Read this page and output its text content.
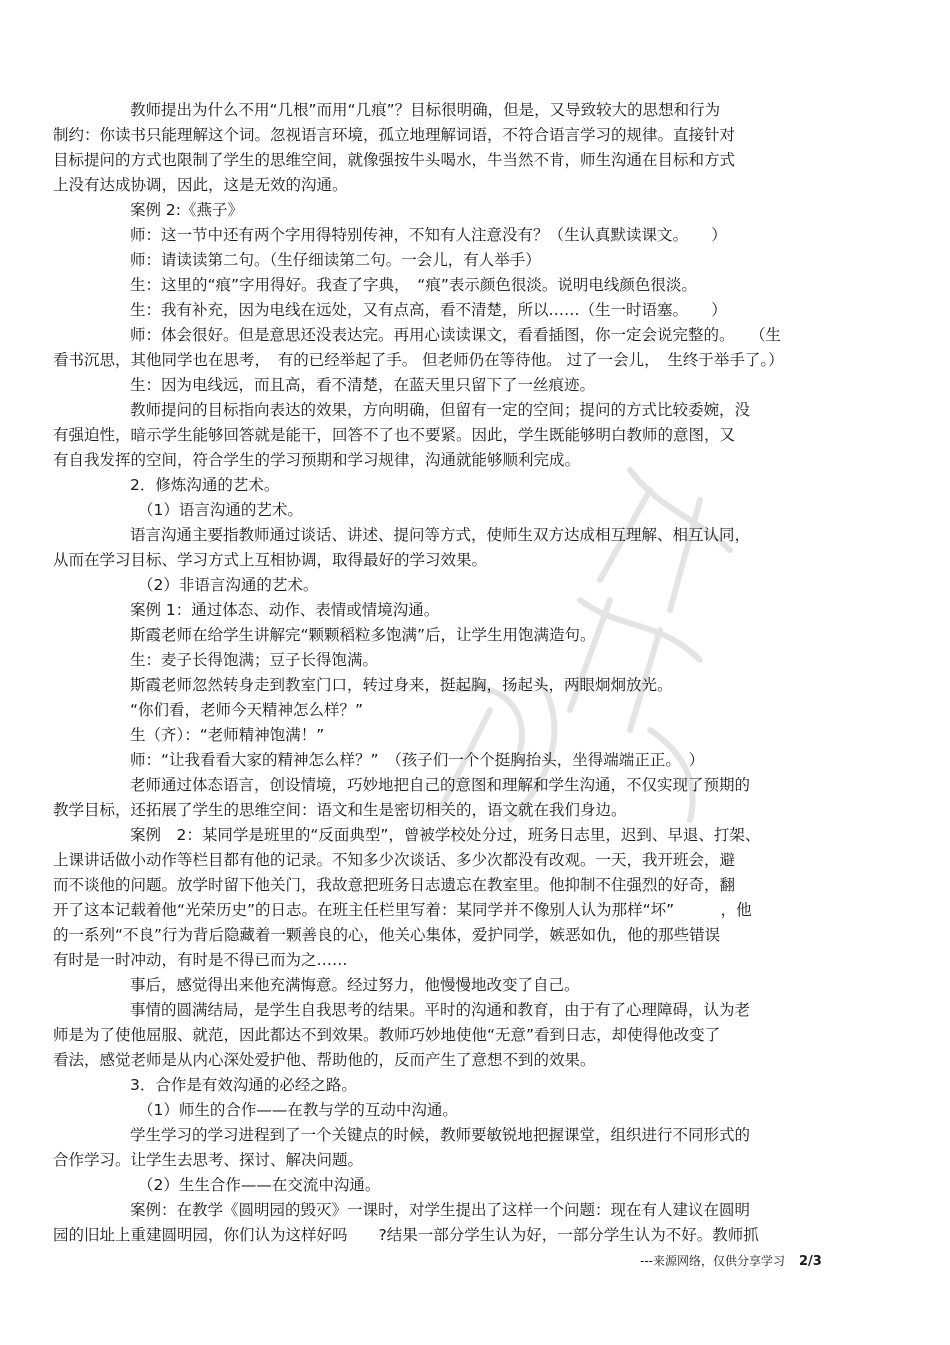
教师提出为什么不用“几根”而用“几痕”？目标很明确，但是，又导致较大的思想和行为
制约：你读书只能理解这个词。忽视语言环境，孤立地理解词语，不符合语言学习的规律。直接针对
目标提问的方式也限制了学生的思维空间，就像强按牛头喝水，牛当然不肯，师生沟通在目标和方式
上没有达成协调，因此，这是无效的沟通。
案例 2:《燕子》
师：这一节中还有两个字用得特别传神，不知有人注意没有？（生认真默读课文。　　）
师：请读读第二句。（生仔细读第二句。一会儿，有人举手）
生：这里的“痕”字用得好。我查了字典，　“痕”表示颜色很淡。说明电线颜色很淡。
生：我有补充，因为电线在远处，又有点高，看不清楚，所以……（生一时语塞。　　）
师：体会很好。但是意思还没表达完。再用心读读课文，看看插图，你一定会说完整的。　　（生
看书沉思，其他同学也在思考，　有的已经举起了手。 但老师仍在等待他。 过了一会儿，　生终于举手了。）
生：因为电线远，而且高，看不清楚，在蓝天里只留下了一丝痕迹。
教师提问的目标指向表达的效果，方向明确，但留有一定的空间；提问的方式比较委婉，没
有强迫性，暗示学生能够回答就是能干，回答不了也不要紧。因此，学生既能够明白教师的意图，又
有自我发挥的空间，符合学生的学习预期和学习规律，沟通就能够顺利完成。
2．修炼沟通的艺术。
（1）语言沟通的艺术。
语言沟通主要指教师通过谈话、讲述、提问等方式，使师生双方达成相互理解、相互认同，
从而在学习目标、学习方式上互相协调，取得最好的学习效果。
（2）非语言沟通的艺术。
案例 1：通过体态、动作、表情或情境沟通。
斯霞老师在给学生讲解完“颗颗稻粒多饱满”后，让学生用饱满造句。
生：麦子长得饱满；豆子长得饱满。
斯霞老师忽然转身走到教室门口，转过身来，挺起胸，扬起头，两眼炯炯放光。
“你们看，老师今天精神怎么样？”
生（齐）：“老师精神饱满！”
师：“让我看看大家的精神怎么样？”　（孩子们一个个挺胸抬头，坐得端端正正。　）
老师通过体态语言，创设情境，巧妙地把自己的意图和理解和学生沟通，不仅实现了预期的
教学目标，还拓展了学生的思维空间：语文和生是密切相关的，语文就在我们身边。
案例　2：某同学是班里的“反面典型”，曾被学校处分过，班务日志里，迟到、早退、打架、
上课讲话做小动作等栏目都有他的记录。不知多少次谈话、多少次都没有改观。一天，我开班会，避
而不谈他的问题。放学时留下他关门，我故意把班务日志遗忘在教室里。他抑制不住强烈的好奇，翻
开了这本记载着他“光荣历史”的日志。在班主任栏里写着：某同学并不像别人认为那样“坏”　　　，他
的一系列“不良”行为背后隐藏着一颗善良的心，他关心集体，爱护同学，嫉恶如仇，他的那些错误
有时是一时冲动，有时是不得已而为之……
事后，感觉得出来他充满悔意。经过努力，他慢慢地改变了自己。
事情的圆满结局，是学生自我思考的结果。平时的沟通和教育，由于有了心理障碍，认为老
师是为了使他屈服、就范，因此都达不到效果。教师巧妙地使他“无意”看到日志，却使得他改变了
看法，感觉老师是从内心深处爱护他、帮助他的，反而产生了意想不到的效果。
3．合作是有效沟通的必经之路。
（1）师生的合作——在教与学的互动中沟通。
学生学习的学习进程到了一个关键点的时候，教师要敏锐地把握课堂，组织进行不同形式的
合作学习。让学生去思考、探讨、解决问题。
（2）生生合作——在交流中沟通。
案例：在教学《圆明园的毁灭》一课时，对学生提出了这样一个问题：现在有人建议在圆明
园的旧址上重建圆明园，你们认为这样好吗　　?结果一部分学生认为好，一部分学生认为不好。教师抓
---来源网络，仅供分享学习 2/3
